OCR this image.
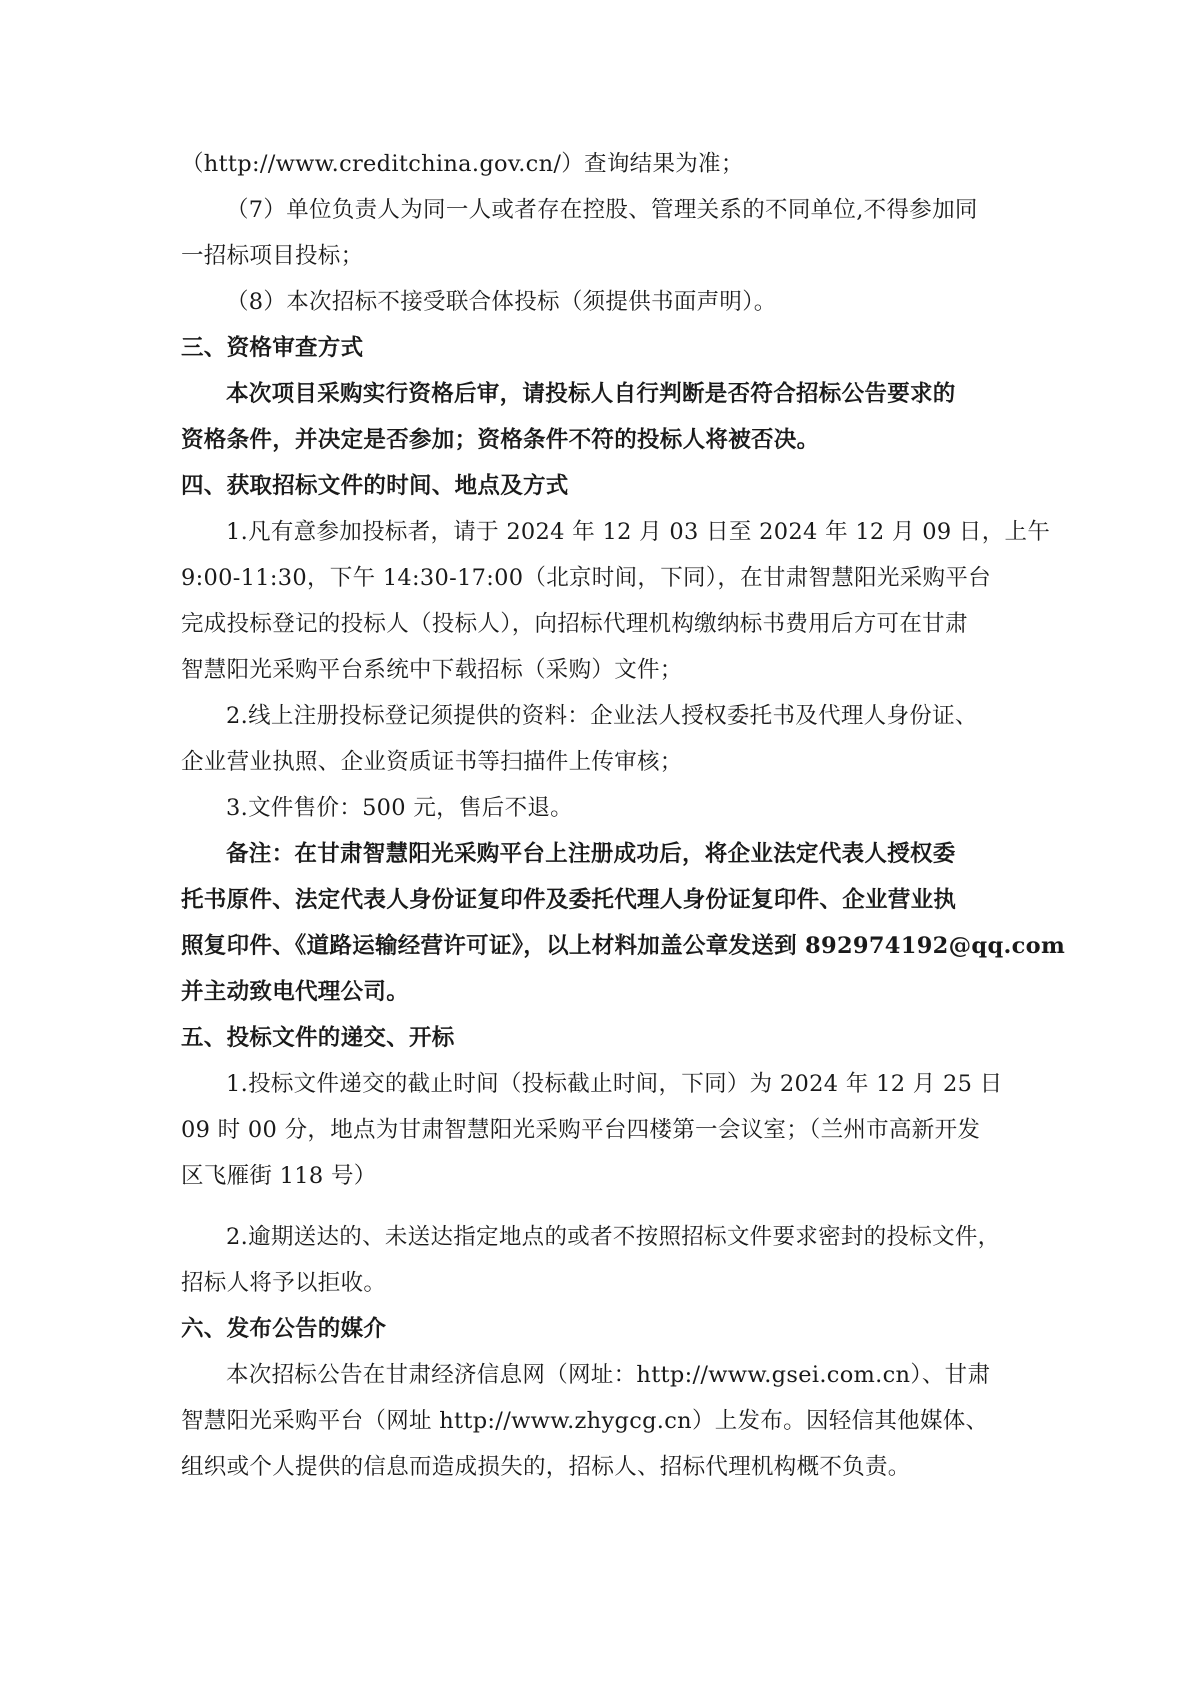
（http://www.creditchina.gov.cn/）查询结果为准；
（7）单位负责人为同一人或者存在控股、管理关系的不同单位,不得参加同
一招标项目投标；
（8）本次招标不接受联合体投标（须提供书面声明）。
三、资格审查方式
本次项目采购实行资格后审，请投标人自行判断是否符合招标公告要求的
资格条件，并决定是否参加；资格条件不符的投标人将被否决。
四、获取招标文件的时间、地点及方式
1.凡有意参加投标者，请于 2024 年 12 月 03 日至 2024 年 12 月 09 日，上午
9:00-11:30，下午 14:30-17:00（北京时间，下同），在甘肃智慧阳光采购平台
完成投标登记的投标人（投标人），向招标代理机构缴纳标书费用后方可在甘肃
智慧阳光采购平台系统中下载招标（采购）文件；
2.线上注册投标登记须提供的资料：企业法人授权委托书及代理人身份证、
企业营业执照、企业资质证书等扫描件上传审核；
3.文件售价：500 元，售后不退。
备注：在甘肃智慧阳光采购平台上注册成功后，将企业法定代表人授权委
托书原件、法定代表人身份证复印件及委托代理人身份证复印件、企业营业执
照复印件、《道路运输经营许可证》，以上材料加盖公章发送到 892974192@qq.com
并主动致电代理公司。
五、投标文件的递交、开标
1.投标文件递交的截止时间（投标截止时间，下同）为 2024 年 12 月 25 日
09 时 00 分，地点为甘肃智慧阳光采购平台四楼第一会议室；（兰州市高新开发
区飞雁街 118 号）
2.逾期送达的、未送达指定地点的或者不按照招标文件要求密封的投标文件，
招标人将予以拒收。
六、发布公告的媒介
本次招标公告在甘肃经济信息网（网址：http://www.gsei.com.cn）、甘肃
智慧阳光采购平台（网址 http://www.zhygcg.cn）上发布。因轻信其他媒体、
组织或个人提供的信息而造成损失的，招标人、招标代理机构概不负责。
